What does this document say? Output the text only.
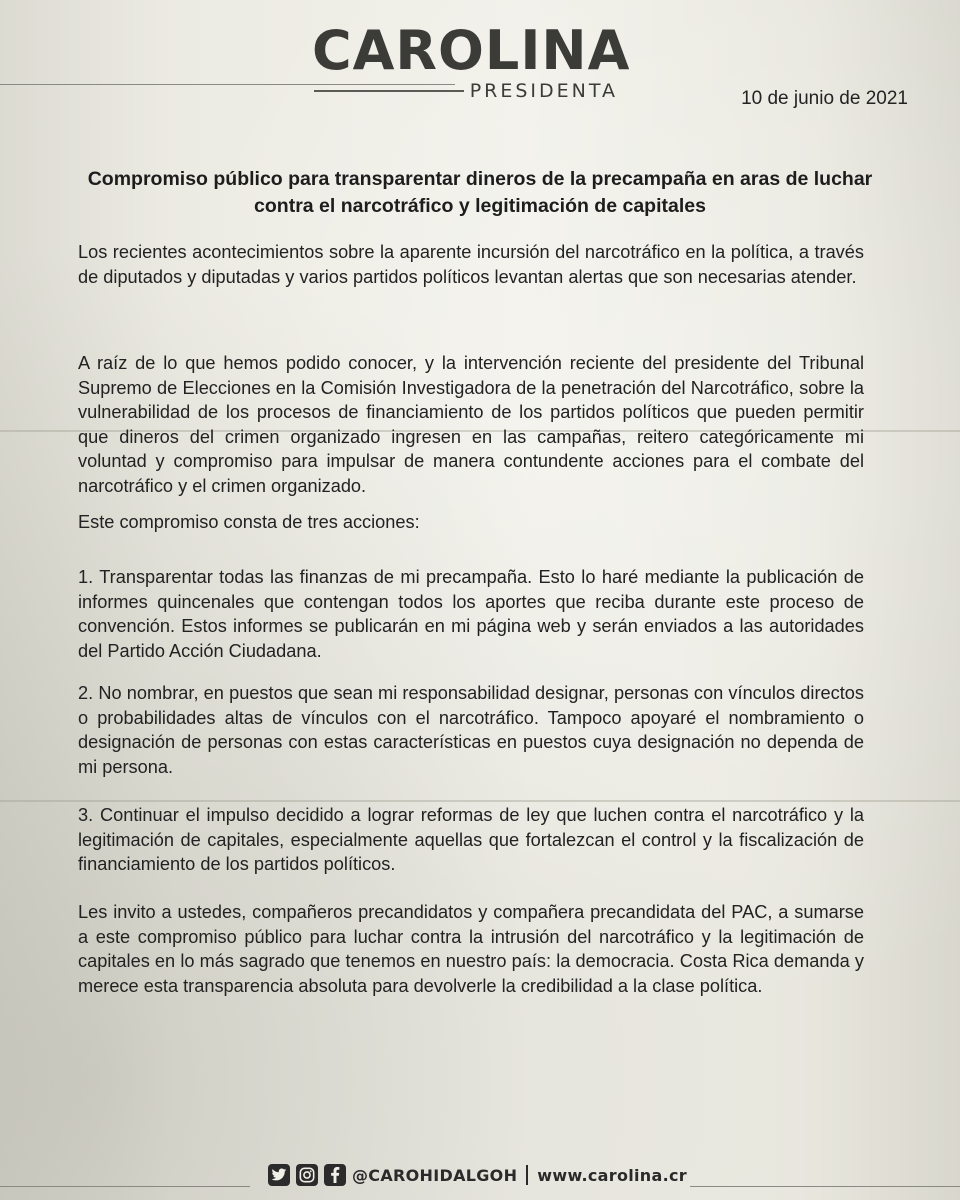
CAROLINA
PRESIDENTA	10 de junio de 2021
Compromiso público para transparentar dineros de la precampaña en aras de luchar
contra el narcotráfico y legitimación de capitales

Los recientes acontecimientos sobre la aparente incursión del narcotráfico en la política, a través de diputados y diputadas y varios partidos políticos levantan alertas que son necesarias atender.

A raíz de lo que hemos podido conocer, y la intervención reciente del presidente del Tribunal Supremo de Elecciones en la Comisión Investigadora de la penetración del Narcotráfico, sobre la vulnerabilidad de los procesos de financiamiento de los partidos políticos que pueden permitir que dineros del crimen organizado ingresen en las campañas, reitero categóricamente mi voluntad y compromiso para impulsar de manera contundente acciones para el combate del narcotráfico y el crimen organizado.

Este compromiso consta de tres acciones:

1. Transparentar todas las finanzas de mi precampaña. Esto lo haré mediante la publicación de informes quincenales que contengan todos los aportes que reciba durante este proceso de convención. Estos informes se publicarán en mi página web y serán enviados a las autoridades del Partido Acción Ciudadana.

2. No nombrar, en puestos que sean mi responsabilidad designar, personas con vínculos directos o probabilidades altas de vínculos con el narcotráfico. Tampoco apoyaré el nombramiento o designación de personas con estas características en puestos cuya designación no dependa de mi persona.

3. Continuar el impulso decidido a lograr reformas de ley que luchen contra el narcotráfico y la legitimación de capitales, especialmente aquellas que fortalezcan el control y la fiscalización de financiamiento de los partidos políticos.

Les invito a ustedes, compañeros precandidatos y compañera precandidata del PAC, a sumarse a este compromiso público para luchar contra la intrusión del narcotráfico y la legitimación de capitales en lo más sagrado que tenemos en nuestro país: la democracia. Costa Rica demanda y merece esta transparencia absoluta para devolverle la credibilidad a la clase política.

@CAROHIDALGOH www.carolina.cr
